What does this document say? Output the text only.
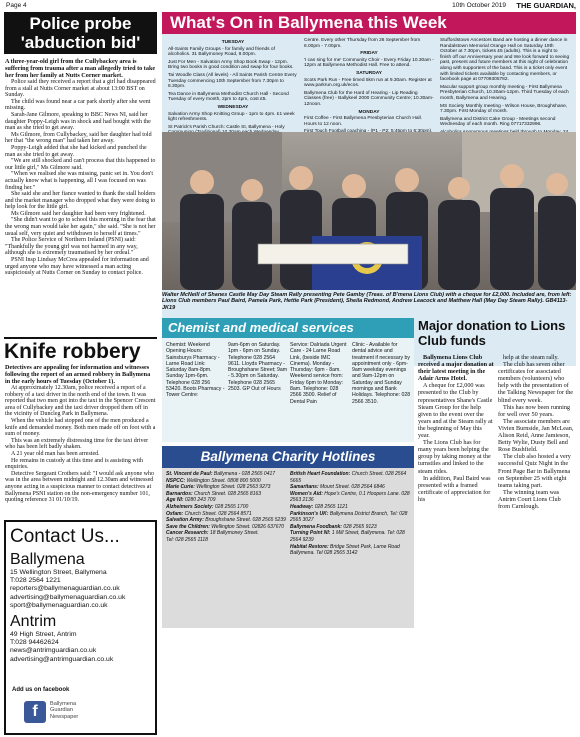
Page 4	10th October 2019 THE GUARDIAN,
Police probe 'abduction bid'

A three-year-old girl from the Cullybackey area is suffering from trauma after a man allegedly tried to take her from her family at Nutts Corner market.

Police said they received a report that a girl had disappeared from a stall at Nutts Corner market at about 13:00 BST on Sunday.

The child was found near a car park shortly after she went missing.

Sarah-Jane Gilmore, speaking to BBC News NI, said her daughter Poppy-Leigh was in shock and had bought with the man as she tried to get away.

Ms Gilmore, from Cullybackey, said her daughter had told her that "the wrong man" had taken her away.

Poppy-Leigh added that she had kicked and punched the man as she tried to get away.

"We are still shocked and can't process that this happened to our little girl," Ms Gilmore said.

"When we realised she was missing, panic set in. You don't actually know what is happening, all I was focused on was finding her."

She said she and her fiance wanted to thank the stall holders and the market manager who dropped what they were doing to help look for the little girl.

Ms Gilmore said her daughter had been very frightened.

"She didn't want to go to school this morning in the fear that the wrong man would take her again," she said. "She is not her usual self, very quiet and withdrawn to herself at times."

The Police Service of Northern Ireland (PSNI) said: "Thankfully the young girl was not harmed in any way, although she is extremely traumatised by her ordeal."

PSNI Insp Lindsay McCrea appealed for information and urged anyone who may have witnessed a man acting suspiciously at Nutts Corner on Sunday to contact police.

Knife robbery

Detectives are appealing for information and witnesses following the report of an armed robbery in Ballymena in the early hours of Tuesday (October 1).

At approximately 12.30am, police received a report of a robbery of a taxi driver in the north end of the town. It was reported that two men got into the taxi in the Spencer Crescent area of Cullybackey and the taxi driver dropped them off in the vicinity of Duncleg Park in Ballymena.

When the vehicle had stopped one of the men produced a knife and demanded money. Both men made off on foot with a sum of money.

This was an extremely distressing time for the taxi driver who has been left badly shaken.

A 21 year old man has been arrested.

He remains in custody at this time and is assisting with enquiries.

Detective Sergeant Crothers said: "I would ask anyone who was in the area between midnight and 12.30am and witnessed anyone acting in a suspicious manner to contact detectives at Ballymena PSNI station on the non-emergency number 101, quoting reference 31 01/10/19.

Contact Us...
Ballymena
15 Wellington Street, Ballymena
T:028 2564 1221
reporters@ballymenaguardian.co.uk
advertising@ballymenaguardian.co.uk
sport@ballymenaguardian.co.uk
Antrim
49 High Street, Antrim
T:028 94462624
news@antrimguardian.co.uk
advertising@antrimguardian.co.uk
Add us on facebook
f	Ballymena
Guardian
Newspaper
What's On in Ballymena this Week
TUESDAY

All-Saints Family Groups - for family and friends of alcoholics. 31 Ballymoney Road, 8.00pm.

Just For Men - Salvation Army Shop Book Swap - 12pm. Bring two books in good condition and swap for four books.

Tai Woodle Class (All levels) - All Saints Parish Centre Every Tuesday commencing 10th September from 7.30pm to 8.30pm.

Tea Dance in Ballymena Methodist Church Hall - Second Tuesday of every month, 2pm to 4pm, cost £5.

WEDNESDAY

Salvation Army Shop Knitting Group - 1pm to 4pm. £1 week light refreshments.

St Patrick's Parish Church: Castle St, Ballymena - Holy

Centre. Every other Thursday from 26 September from 6.00pm - 7.00pm.

FRIDAY

'I can sing for me' Community Choir - Every Friday 10.30am - 12pm at Ballymena Methodist Hall. Free to attend.

SATURDAY

Scots Park Run - Free timed 5km run at 9.30am. Register at www.parkrun.org.uk/ecos.

Ballymena Club for the Hard of Hearing - Lip Reading Classes (free) - Ballykeel 2000 Community Centre; 10.30am-12noon.

MONDAY

First Coffee - First Ballymena Presbyterian Church Hall. Hours to 12 noon.

Stuffordstown Ancestors Band are hosting a dinner dance in Randalstown Memorial Orange Hall on Saturday 19th October at 7.30pm, tickets £5 (adults). This is a night to finish off our Anniversary year and We look forward to seeing past, present and future members at this night of celebration along with supporters of the band. This is a ticket only event with limited tickets available by contacting members, or facebook page at 07709305782.

Macular support group monthly meeting - First Ballymena Presbyterian Church, 10.30am-12pm. Third Tuesday of each month, Ballymena and Hearing.

MS Society Monthly meeting - Wilson House, Broughshane, 7.30pm. First Monday of month.

Ballymena and District Cake Group - Meetings second Wednesday of each month. Ring 07717332996.

Walter McNeill of Shanes Castle May Day Steam Rally presenting Pete Gamby (Treas. of B'mena Lions Club) with a cheque for £2,000. Included are, from left: Lions Club members Paul Baird, Pamela Park, Hettie Park (President), Sheila Redmond, Andrew Leacock and Matthew Hall (May Day Steam Rally). GB4113-JK19
Chemist and medical services
Chemist: Weekend Opening Hours: Sainsburys Pharmacy - Larne Road Link: Saturday 8am-8pm. Sunday 1pm-6pm. Telephone 028 256 53420. Boots Pharmacy - Tower Centre:
9am-6pm on Saturday. 1pm - 6pm on Sunday. Telephone 028 2564 9611. Lloyds Pharmacy - Broughshane Street; 9am - 5.30pm on Saturday. Telephone 028 2565 2503. GP Out of Hours
Service: Dalriada Urgent Care - 24 Larne Road Link, (beside IMC Cinema). Monday - Thursday: 6pm - 8am. Weekend service from: Friday 6pm to Monday: 8am. Telephone: 028 2566 3500. Relief of Dental Pain
Clinic - Available for dental advice and treatment if necessary by appointment only - 6pm-9am weekday evenings and 9am-12pm on Saturday and Sunday mornings and Bank Holidays. Telephone: 028 2566 3510.
Ballymena Charity Hotlines
St. Vincent de Paul: Ballymena - 028 2565 0417
NSPCC: Wellington Street. 0808 800 5000
Marie Curie: Wellington Street. 028 2563 9273
Barnardos: Church Street. 028 2565 8163
Age NI: 0280 243 709
Alzheimers Society: 028 2565 1700
Oxfam: Church Street. 028 2564 8571
Salvation Army: Broughshane Street. 028 2565 5239
Save the Children: Wellington Street. 02826 637670
Cancer Research: 18 Ballymoney Street.
Tel: 028 2565 1118
British Heart Foundation: Church Street. 028 2564 5665
Samaritans: Mount Street. 028 2564 6846
Women's Aid: Hope's Centre, 0.1 Hoopers Lane. 028 2563 2136
Headway: 028 2565 1121
Parkinson's UK: Ballymena District Branch, Tel: 028 2565 3027
Ballymena Foodbank: 028 2565 9123
Turning Point NI: 1 Mill Street, Ballymena. Tel: 028 2564 9239
Habitat Restore: Bridge Street Park, Larne Road Ballymena. Tel 028 2565 3142
Major donation to Lions Club funds

Ballymena Lions Club received a major donation at their latest meeting in the Adair Arms Hotel.

A cheque for £2,000 was presented to the Club by representatives Shane's Castle Steam Group for the help given to the event over the years and at the Steam rally at the beginning of May this year.

The Lions Club has for many years been helping the group by taking money at the turnstiles and linked to the steam rides.

In addition, Paul Baird was presented with a framed certificate of appreciation for his

help at the steam rally.

The club has seven other certificates for associated members (volunteers) who help with the presentation of the Talking Newspaper for the blind every week.

This has now been running for well over 50 years.

The associate members are Vivien Burnside, Jan McLean, Alison Reid, Anne Jamieson, Betty Wylie, Dusty Bell and Rose Bushfield.

The club also hosted a very successful Quiz Night in the Front Page Bar in Ballymena on September 25 with eight teams taking part.

The winning team was Antrim Court Lions Club from Carnlough.
